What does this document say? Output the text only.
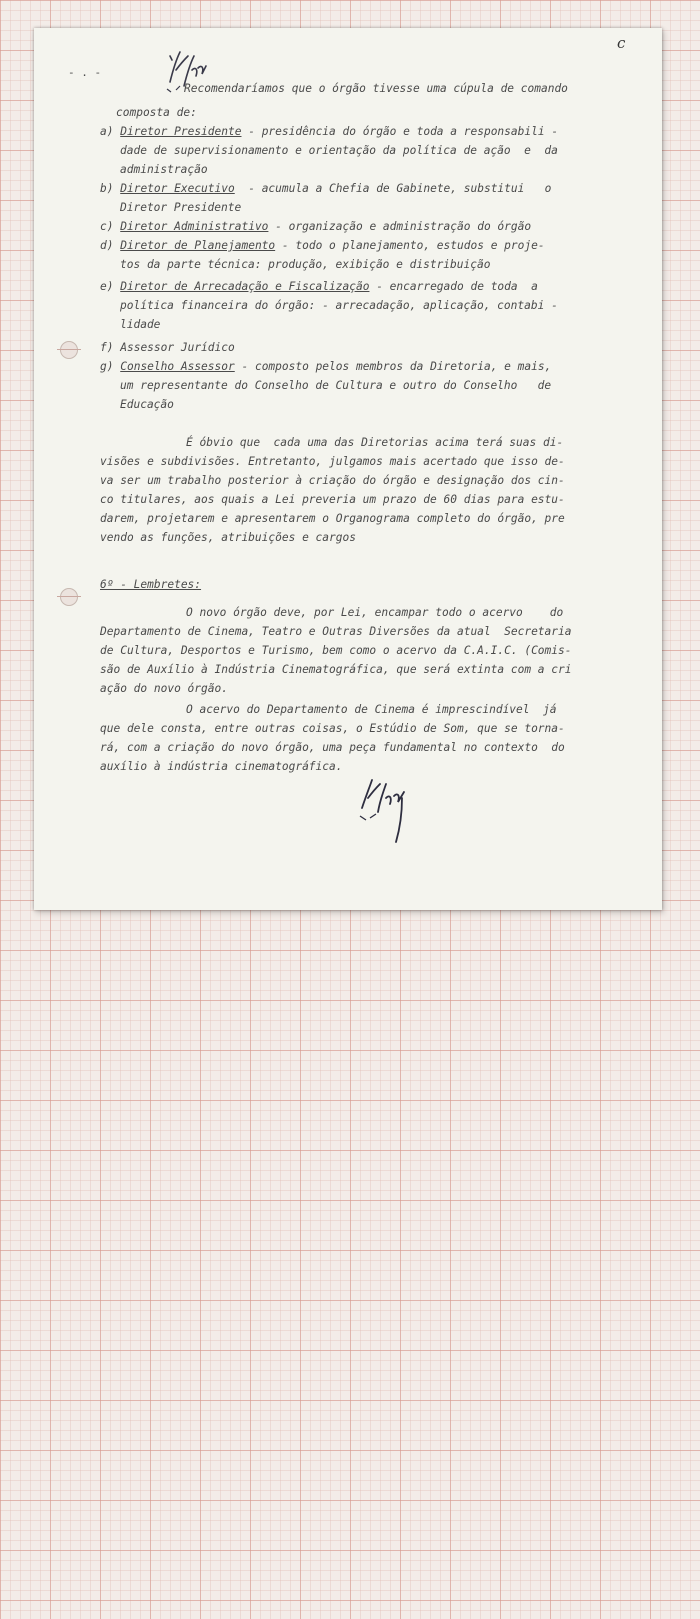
c
- . -

Recomendaríamos que o órgão tivesse uma cúpula de comando

composta de:

a) Diretor Presidente - presidência do órgão e toda a responsabili -

dade de supervisionamento e orientação da política de ação  e  da

administração

b) Diretor Executivo  - acumula a Chefia de Gabinete, substitui   o

Diretor Presidente

c) Diretor Administrativo - organização e administração do órgão

d) Diretor de Planejamento - todo o planejamento, estudos e proje-

tos da parte técnica: produção, exibição e distribuição

e) Diretor de Arrecadação e Fiscalização - encarregado de toda  a

política financeira do órgão: - arrecadação, aplicação, contabi -

lidade

f) Assessor Jurídico

g) Conselho Assessor - composto pelos membros da Diretoria, e mais,

um representante do Conselho de Cultura e outro do Conselho   de

Educação

É óbvio que  cada uma das Diretorias acima terá suas di-

visões e subdivisões. Entretanto, julgamos mais acertado que isso de-

va ser um trabalho posterior à criação do órgão e designação dos cin-

co titulares, aos quais a Lei preveria um prazo de 60 dias para estu-

darem, projetarem e apresentarem o Organograma completo do órgão, pre

vendo as funções, atribuições e cargos

6º - Lembretes:

O novo órgão deve, por Lei, encampar todo o acervo    do

Departamento de Cinema, Teatro e Outras Diversões da atual  Secretaria

de Cultura, Desportos e Turismo, bem como o acervo da C.A.I.C. (Comis-

são de Auxílio à Indústria Cinematográfica, que será extinta com a cri

ação do novo órgão.

O acervo do Departamento de Cinema é imprescindível  já

que dele consta, entre outras coisas, o Estúdio de Som, que se torna-

rá, com a criação do novo órgão, uma peça fundamental no contexto  do

auxílio à indústria cinematográfica.
